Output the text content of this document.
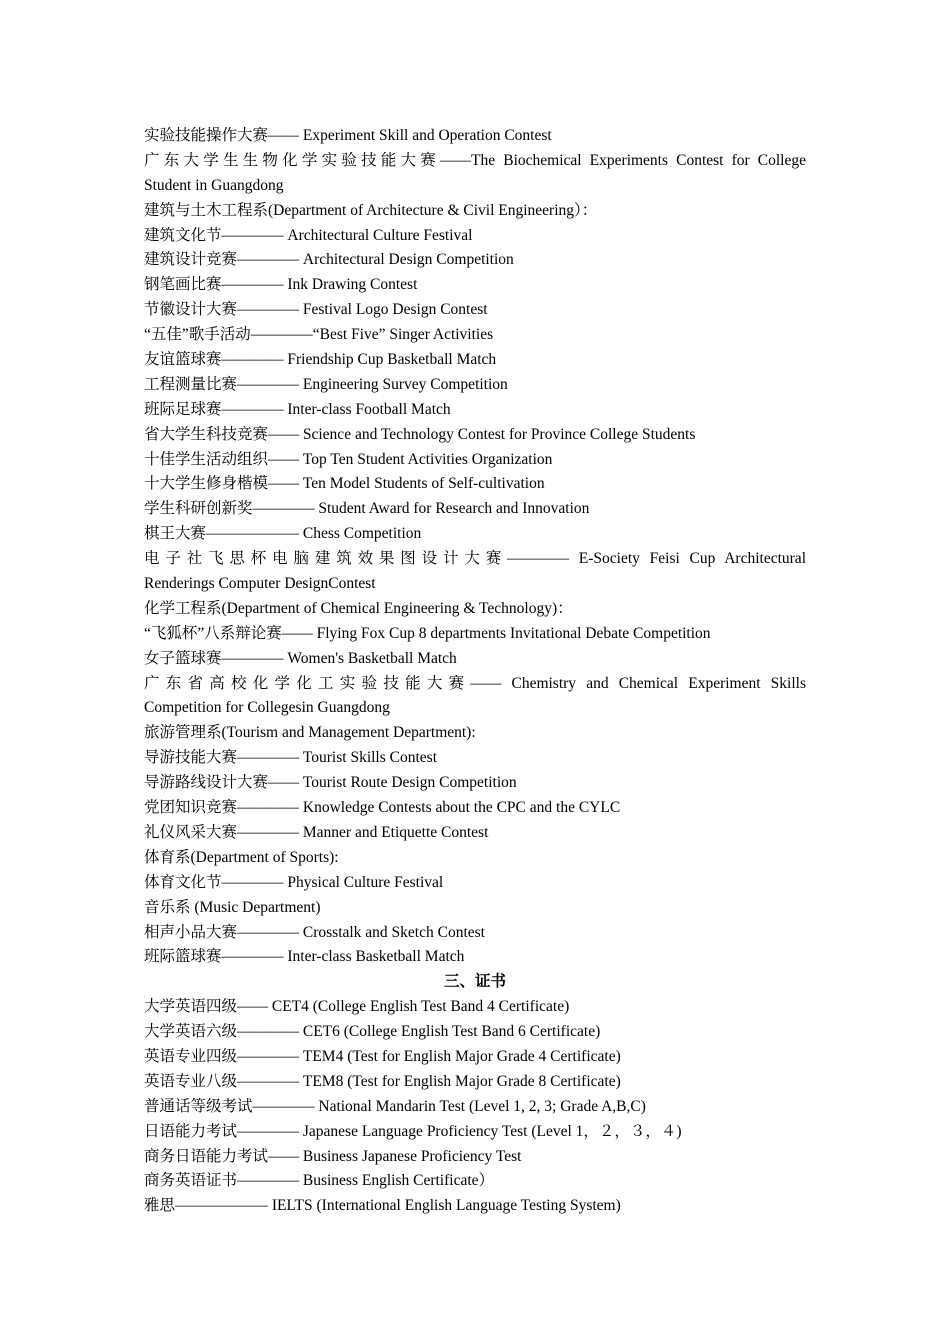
实验技能操作大赛—— Experiment Skill and Operation Contest
广东大学生生物化学实验技能大赛——The Biochemical Experiments Contest for College
Student in Guangdong
建筑与土木工程系(Department of Architecture & Civil Engineering）：
建筑文化节———— Architectural Culture Festival
建筑设计竞赛———— Architectural Design Competition
钢笔画比赛———— Ink Drawing Contest
节徽设计大赛———— Festival Logo Design Contest
“五佳”歌手活动————“Best Five” Singer Activities
友谊篮球赛———— Friendship Cup Basketball Match
工程测量比赛———— Engineering Survey Competition
班际足球赛———— Inter-class Football Match
省大学生科技竞赛—— Science and Technology Contest for Province College Students
十佳学生活动组织—— Top Ten Student Activities Organization
十大学生修身楷模—— Ten Model Students of Self-cultivation
学生科研创新奖———— Student Award for Research and Innovation
棋王大赛—————— Chess Competition
电子社飞思杯电脑建筑效果图设计大赛———— E-Society Feisi Cup Architectural
Renderings Computer DesignContest
化学工程系(Department of Chemical Engineering & Technology)：
“飞狐杯”八系辩论赛—— Flying Fox Cup 8 departments Invitational Debate Competition
女子篮球赛———— Women's Basketball Match
广东省高校化学化工实验技能大赛—— Chemistry and Chemical Experiment Skills
Competition for Collegesin Guangdong
旅游管理系(Tourism and Management Department):
导游技能大赛———— Tourist Skills Contest
导游路线设计大赛—— Tourist Route Design Competition
党团知识竞赛———— Knowledge Contests about the CPC and the CYLC
礼仪风采大赛———— Manner and Etiquette Contest
体育系(Department of Sports):
体育文化节———— Physical Culture Festival
音乐系 (Music Department)
相声小品大赛———— Crosstalk and Sketch Contest
班际篮球赛———— Inter-class Basketball Match
三、证书
大学英语四级—— CET4 (College English Test Band 4 Certificate)
大学英语六级———— CET6 (College English Test Band 6 Certificate)
英语专业四级———— TEM4 (Test for English Major Grade 4 Certificate)
英语专业八级———— TEM8 (Test for English Major Grade 8 Certificate)
普通话等级考试———— National Mandarin Test (Level 1, 2, 3; Grade A,B,C)
日语能力考试———— Japanese Language Proficiency Test (Level 1，２，３，４)
商务日语能力考试—— Business Japanese Proficiency Test
商务英语证书———— Business English Certificate）
雅思—————— IELTS (International English Language Testing System)
